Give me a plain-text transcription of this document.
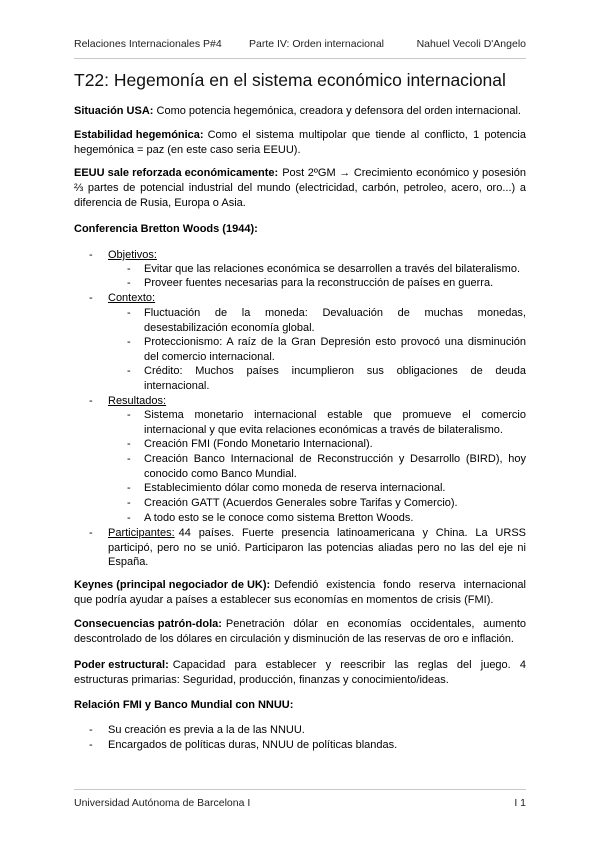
Relaciones Internacionales P#4	Parte IV: Orden internacional	Nahuel Vecoli D'Angelo
T22: Hegemonía en el sistema económico internacional
Situación USA: Como potencia hegemónica, creadora y defensora del orden internacional.
Estabilidad hegemónica: Como el sistema multipolar que tiende al conflicto, 1 potencia
hegemónica = paz (en este caso seria EEUU).
EEUU sale reforzada económicamente: Post 2ºGM → Crecimiento económico y posesión
⅔ partes de potencial industrial del mundo (electricidad, carbón, petroleo, acero, oro...) a
diferencia de Rusia, Europa o Asia.
Conferencia Bretton Woods (1944):
- Objetivos:
- Evitar que las relaciones económica se desarrollen a través del bilateralismo.
- Proveer fuentes necesarias para la reconstrucción de países en guerra.
- Contexto:
- Fluctuación de la moneda: Devaluación de muchas monedas,
desestabilización economía global.
- Proteccionismo: A raíz de la Gran Depresión esto provocó una disminución
del comercio internacional.
- Crédito: Muchos países incumplieron sus obligaciones de deuda
internacional.
- Resultados:
- Sistema monetario internacional estable que promueve el comercio
internacional y que evita relaciones económicas a través de bilateralismo.
- Creación FMI (Fondo Monetario Internacional).
- Creación Banco Internacional de Reconstrucción y Desarrollo (BIRD), hoy
conocido como Banco Mundial.
- Establecimiento dólar como moneda de reserva internacional.
- Creación GATT (Acuerdos Generales sobre Tarifas y Comercio).
- A todo esto se le conoce como sistema Bretton Woods.
- Participantes: 44 países. Fuerte presencia latinoamericana y China. La URSS
participó, pero no se unió. Participaron las potencias aliadas pero no las del eje ni
España.
Keynes (principal negociador de UK): Defendió existencia fondo reserva internacional
que podría ayudar a países a establecer sus economías en momentos de crisis (FMI).
Consecuencias patrón-dola: Penetración dólar en economías occidentales, aumento
descontrolado de los dólares en circulación y disminución de las reservas de oro e inflación.
Poder estructural: Capacidad para establecer y reescribir las reglas del juego. 4
estructuras primarias: Seguridad, producción, finanzas y conocimiento/ideas.
Relación FMI y Banco Mundial con NNUU:
- Su creación es previa a la de las NNUU.
- Encargados de políticas duras, NNUU de políticas blandas.
Universidad Autónoma de Barcelona I	I 1
